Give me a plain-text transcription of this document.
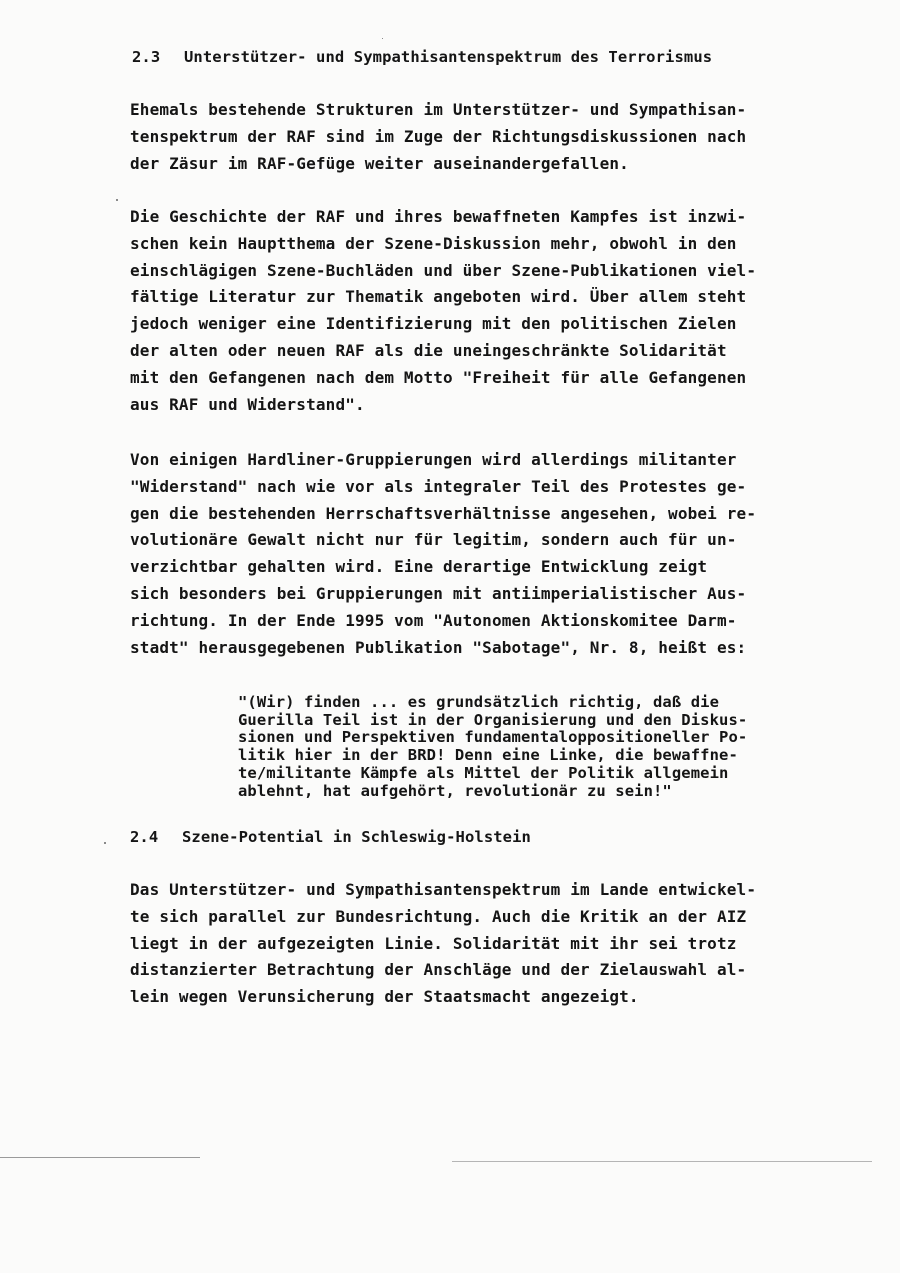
2.3 Unterstützer- und Sympathisantenspektrum des Terrorismus

Ehemals bestehende Strukturen im Unterstützer- und Sympathisan-
tenspektrum der RAF sind im Zuge der Richtungsdiskussionen nach
der Zäsur im RAF-Gefüge weiter auseinandergefallen.

Die Geschichte der RAF und ihres bewaffneten Kampfes ist inzwi-
schen kein Hauptthema der Szene-Diskussion mehr, obwohl in den
einschlägigen Szene-Buchläden und über Szene-Publikationen viel-
fältige Literatur zur Thematik angeboten wird. Über allem steht
jedoch weniger eine Identifizierung mit den politischen Zielen
der alten oder neuen RAF als die uneingeschränkte Solidarität
mit den Gefangenen nach dem Motto "Freiheit für alle Gefangenen
aus RAF und Widerstand".

Von einigen Hardliner-Gruppierungen wird allerdings militanter
"Widerstand" nach wie vor als integraler Teil des Protestes ge-
gen die bestehenden Herrschaftsverhältnisse angesehen, wobei re-
volutionäre Gewalt nicht nur für legitim, sondern auch für un-
verzichtbar gehalten wird. Eine derartige Entwicklung zeigt
sich besonders bei Gruppierungen mit antiimperialistischer Aus-
richtung. In der Ende 1995 vom "Autonomen Aktionskomitee Darm-
stadt" herausgegebenen Publikation "Sabotage", Nr. 8, heißt es:

"(Wir) finden ... es grundsätzlich richtig, daß die
Guerilla Teil ist in der Organisierung und den Diskus-
sionen und Perspektiven fundamentaloppositioneller Po-
litik hier in der BRD! Denn eine Linke, die bewaffne-
te/militante Kämpfe als Mittel der Politik allgemein
ablehnt, hat aufgehört, revolutionär zu sein!"
2.4 Szene-Potential in Schleswig-Holstein

Das Unterstützer- und Sympathisantenspektrum im Lande entwickel-
te sich parallel zur Bundesrichtung. Auch die Kritik an der AIZ
liegt in der aufgezeigten Linie. Solidarität mit ihr sei trotz
distanzierter Betrachtung der Anschläge und der Zielauswahl al-
lein wegen Verunsicherung der Staatsmacht angezeigt.
